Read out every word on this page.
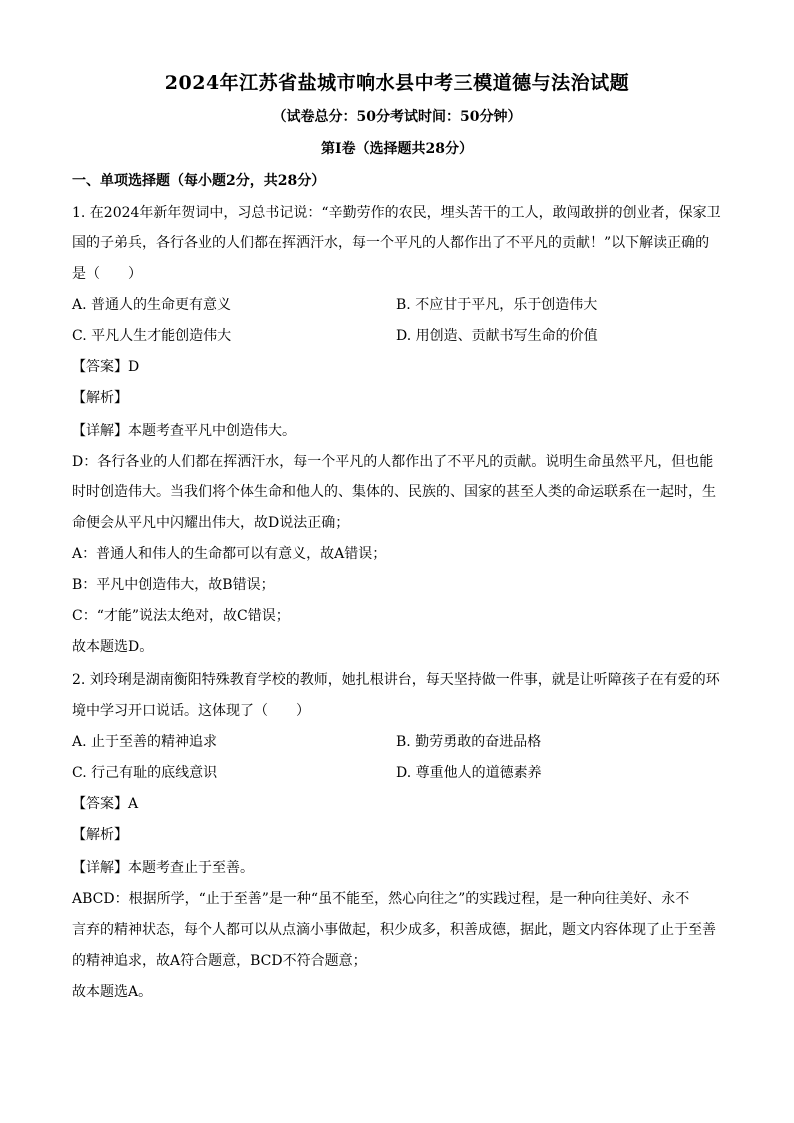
2024年江苏省盐城市响水县中考三模道德与法治试题
（试卷总分：50分考试时间：50分钟）
第Ⅰ卷（选择题共28分）
一、单项选择题（每小题2分，共28分）
1. 在2024年新年贺词中，习总书记说：“辛勤劳作的农民，埋头苦干的工人，敢闯敢拼的创业者，保家卫
国的子弟兵，各行各业的人们都在挥洒汗水，每一个平凡的人都作出了不平凡的贡献！”以下解读正确的
是（　　）
A. 普通人的生命更有意义	B. 不应甘于平凡，乐于创造伟大
C. 平凡人生才能创造伟大	D. 用创造、贡献书写生命的价值
【答案】D
【解析】
【详解】本题考查平凡中创造伟大。
D：各行各业的人们都在挥洒汗水，每一个平凡的人都作出了不平凡的贡献。说明生命虽然平凡，但也能
时时创造伟大。当我们将个体生命和他人的、集体的、民族的、国家的甚至人类的命运联系在一起时，生
命便会从平凡中闪耀出伟大，故D说法正确；
A：普通人和伟人的生命都可以有意义，故A错误；
B：平凡中创造伟大，故B错误；
C：“才能”说法太绝对，故C错误；
故本题选D。
2. 刘玲琍是湖南衡阳特殊教育学校的教师，她扎根讲台，每天坚持做一件事，就是让听障孩子在有爱的环
境中学习开口说话。这体现了（　　）
A. 止于至善的精神追求	B. 勤劳勇敢的奋进品格
C. 行己有耻的底线意识	D. 尊重他人的道德素养
【答案】A
【解析】
【详解】本题考查止于至善。
ABCD：根据所学，“止于至善”是一种“虽不能至，然心向往之”的实践过程，是一种向往美好、永不
言弃的精神状态，每个人都可以从点滴小事做起，积少成多，积善成德，据此，题文内容体现了止于至善
的精神追求，故A符合题意，BCD不符合题意；
故本题选A。
